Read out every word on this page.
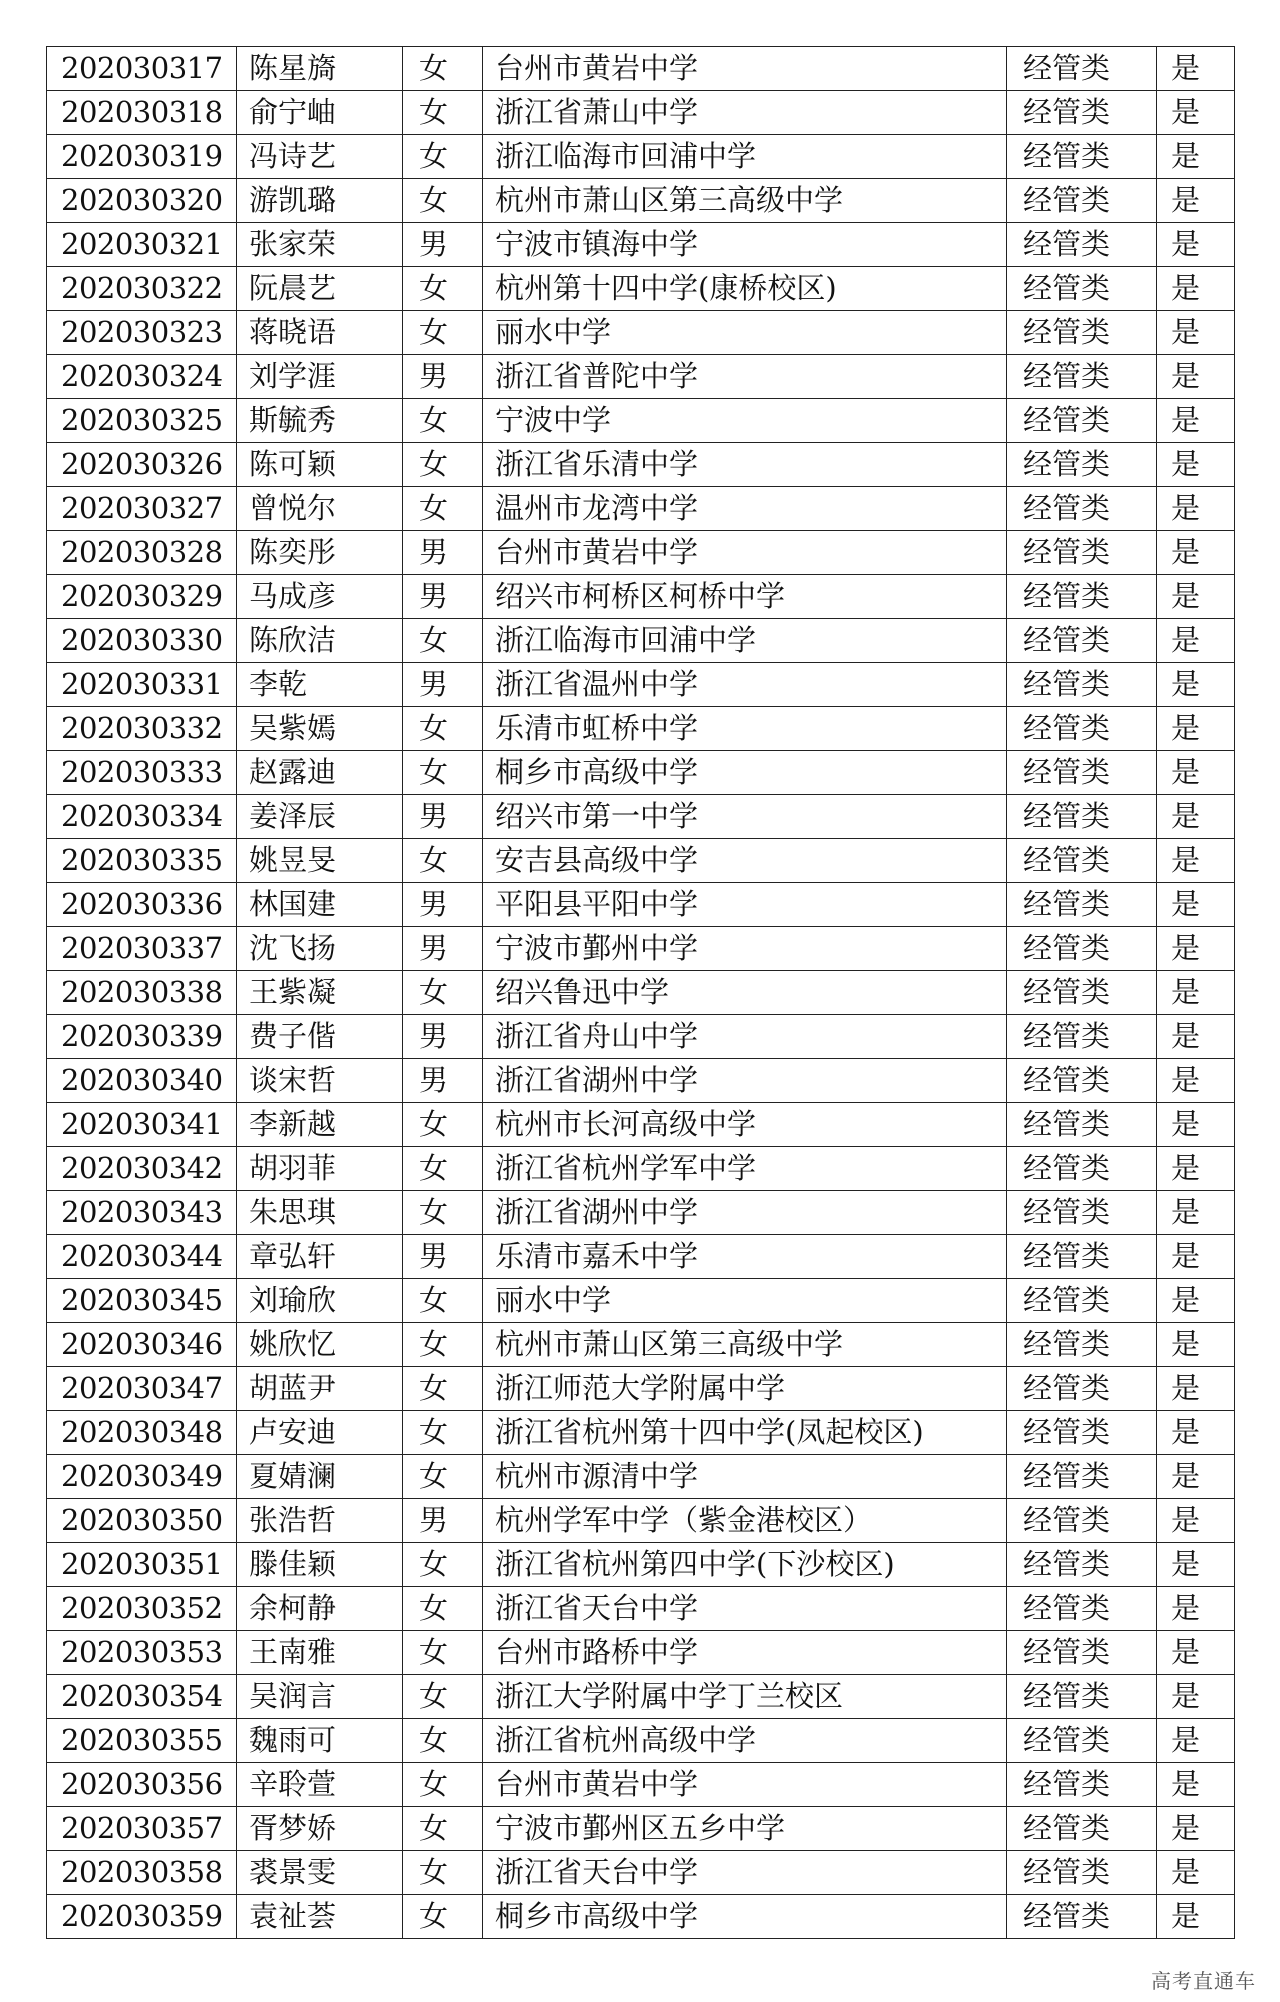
202030317	陈星旖	女	台州市黄岩中学	经管类	是
202030318	俞宁岫	女	浙江省萧山中学	经管类	是
202030319	冯诗艺	女	浙江临海市回浦中学	经管类	是
202030320	游凯璐	女	杭州市萧山区第三高级中学	经管类	是
202030321	张家荣	男	宁波市镇海中学	经管类	是
202030322	阮晨艺	女	杭州第十四中学(康桥校区)	经管类	是
202030323	蒋晓语	女	丽水中学	经管类	是
202030324	刘学涯	男	浙江省普陀中学	经管类	是
202030325	斯毓秀	女	宁波中学	经管类	是
202030326	陈可颖	女	浙江省乐清中学	经管类	是
202030327	曾悦尔	女	温州市龙湾中学	经管类	是
202030328	陈奕彤	男	台州市黄岩中学	经管类	是
202030329	马成彦	男	绍兴市柯桥区柯桥中学	经管类	是
202030330	陈欣洁	女	浙江临海市回浦中学	经管类	是
202030331	李乾	男	浙江省温州中学	经管类	是
202030332	吴紫嫣	女	乐清市虹桥中学	经管类	是
202030333	赵露迪	女	桐乡市高级中学	经管类	是
202030334	姜泽辰	男	绍兴市第一中学	经管类	是
202030335	姚昱旻	女	安吉县高级中学	经管类	是
202030336	林国建	男	平阳县平阳中学	经管类	是
202030337	沈飞扬	男	宁波市鄞州中学	经管类	是
202030338	王紫凝	女	绍兴鲁迅中学	经管类	是
202030339	费子偕	男	浙江省舟山中学	经管类	是
202030340	谈宋哲	男	浙江省湖州中学	经管类	是
202030341	李新越	女	杭州市长河高级中学	经管类	是
202030342	胡羽菲	女	浙江省杭州学军中学	经管类	是
202030343	朱思琪	女	浙江省湖州中学	经管类	是
202030344	章弘轩	男	乐清市嘉禾中学	经管类	是
202030345	刘瑜欣	女	丽水中学	经管类	是
202030346	姚欣忆	女	杭州市萧山区第三高级中学	经管类	是
202030347	胡蓝尹	女	浙江师范大学附属中学	经管类	是
202030348	卢安迪	女	浙江省杭州第十四中学(凤起校区)	经管类	是
202030349	夏婧澜	女	杭州市源清中学	经管类	是
202030350	张浩哲	男	杭州学军中学（紫金港校区）	经管类	是
202030351	滕佳颖	女	浙江省杭州第四中学(下沙校区)	经管类	是
202030352	余柯静	女	浙江省天台中学	经管类	是
202030353	王南雅	女	台州市路桥中学	经管类	是
202030354	吴润言	女	浙江大学附属中学丁兰校区	经管类	是
202030355	魏雨可	女	浙江省杭州高级中学	经管类	是
202030356	辛聆萱	女	台州市黄岩中学	经管类	是
202030357	胥梦娇	女	宁波市鄞州区五乡中学	经管类	是
202030358	裘景雯	女	浙江省天台中学	经管类	是
202030359	袁祉荟	女	桐乡市高级中学	经管类	是
高考直通车
